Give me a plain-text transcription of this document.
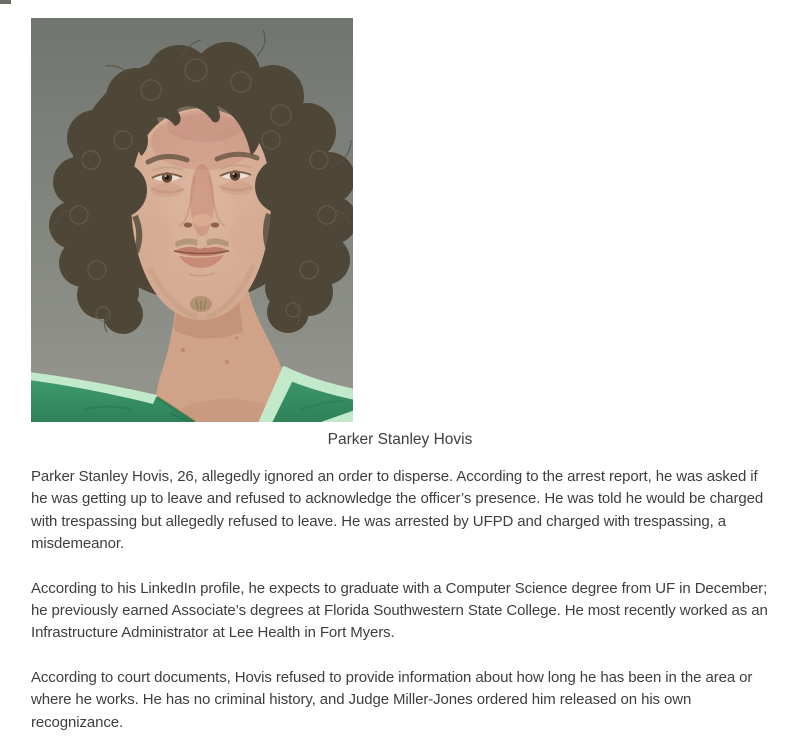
Parker Stanley Hovis

Parker Stanley Hovis, 26, allegedly ignored an order to disperse. According to the arrest report, he was asked if he was getting up to leave and refused to acknowledge the officer’s presence. He was told he would be charged with trespassing but allegedly refused to leave. He was arrested by UFPD and charged with trespassing, a misdemeanor.

According to his LinkedIn profile, he expects to graduate with a Computer Science degree from UF in December; he previously earned Associate’s degrees at Florida Southwestern State College. He most recently worked as an Infrastructure Administrator at Lee Health in Fort Myers.

According to court documents, Hovis refused to provide information about how long he has been in the area or where he works. He has no criminal history, and Judge Miller-Jones ordered him released on his own recognizance.
